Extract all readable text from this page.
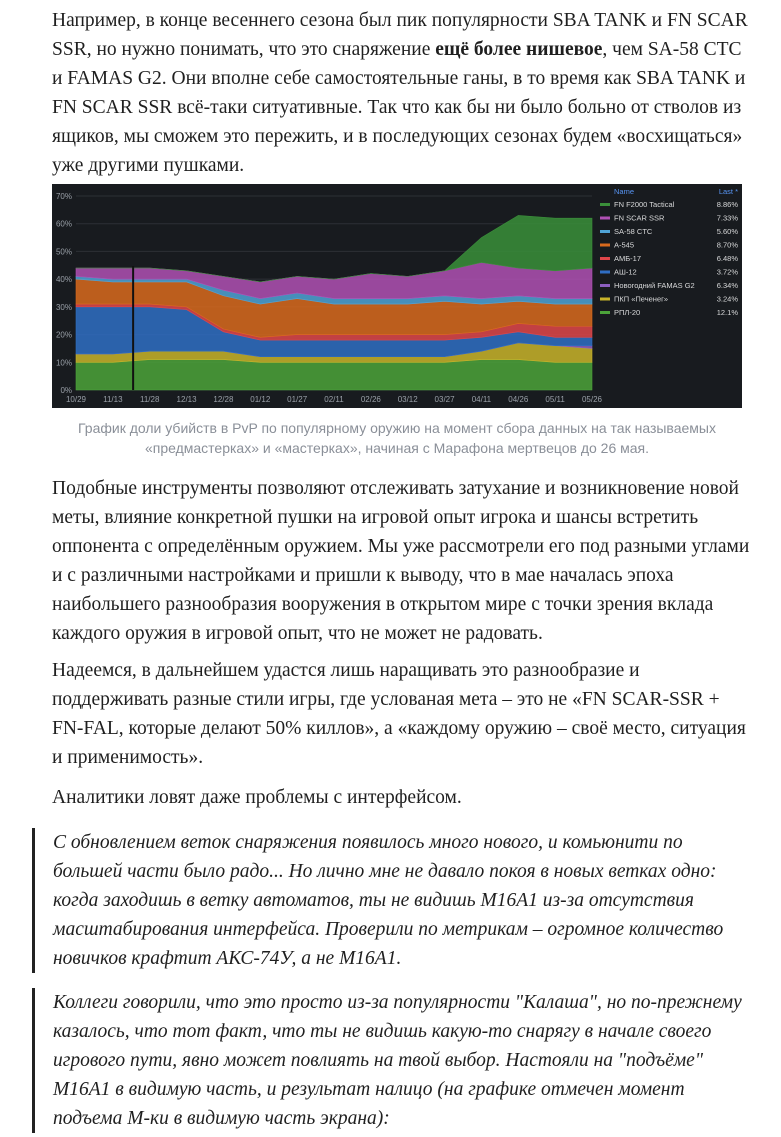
Например, в конце весеннего сезона был пик популярности SBA TANK и FN SCAR SSR, но нужно понимать, что это снаряжение ещё более нишевое, чем SA-58 CTC и FAMAS G2. Они вполне себе самостоятельные ганы, в то время как SBA TANK и FN SCAR SSR всё-таки ситуативные. Так что как бы ни было больно от стволов из ящиков, мы сможем это пережить, и в последующих сезонах будем «восхищаться» уже другими пушками.

0%
10%
20%
30%
40%
50%
60%
70%
10/29 11/13 11/28 12/13 12/28 01/12 01/27 02/11 02/26 03/12 03/27 04/11 04/26 05/11 05/26
Name	Last *
FN F2000 Tactical	8.86%
FN SCAR SSR	7.33%
SA-58 CTC	5.60%
А-545	8.70%
АМБ-17	6.48%
АШ-12	3.72%
Новогодний FAMAS G2	6.34%
ПКП «Печенег»	3.24%
РПЛ-20	12.1%

График доли убийств в PvP по популярному оружию на момент сбора данных на так называемых «предмастерках» и «мастерках», начиная с Марафона мертвецов до 26 мая.

Подобные инструменты позволяют отслеживать затухание и возникновение новой меты, влияние конкретной пушки на игровой опыт игрока и шансы встретить оппонента с определённым оружием. Мы уже рассмотрели его под разными углами и с различными настройками и пришли к выводу, что в мае началась эпоха наибольшего разнообразия вооружения в открытом мире с точки зрения вклада каждого оружия в игровой опыт, что не может не радовать.

Надеемся, в дальнейшем удастся лишь наращивать это разнообразие и поддерживать разные стили игры, где услованая мета – это не «FN SCAR-SSR + FN-FAL, которые делают 50% киллов», а «каждому оружию – своё место, ситуация и применимость».

Аналитики ловят даже проблемы с интерфейсом.

С обновлением веток снаряжения появилось много нового, и комьюнити по большей части было радо... Но лично мне не давало покоя в новых ветках одно: когда заходишь в ветку автоматов, ты не видишь M16A1 из-за отсутствия масштабирования интерфейса. Проверили по метрикам – огромное количество новичков крафтит АКС-74У, а не M16A1.
Коллеги говорили, что это просто из-за популярности "Калаша", но по-прежнему казалось, что тот факт, что ты не видишь какую-то снарягу в начале своего игрового пути, явно может повлиять на твой выбор. Настояли на "подъёме" M16A1 в видимую часть, и результат налицо (на графике отмечен момент подъема М-ки в видимую часть экрана):
